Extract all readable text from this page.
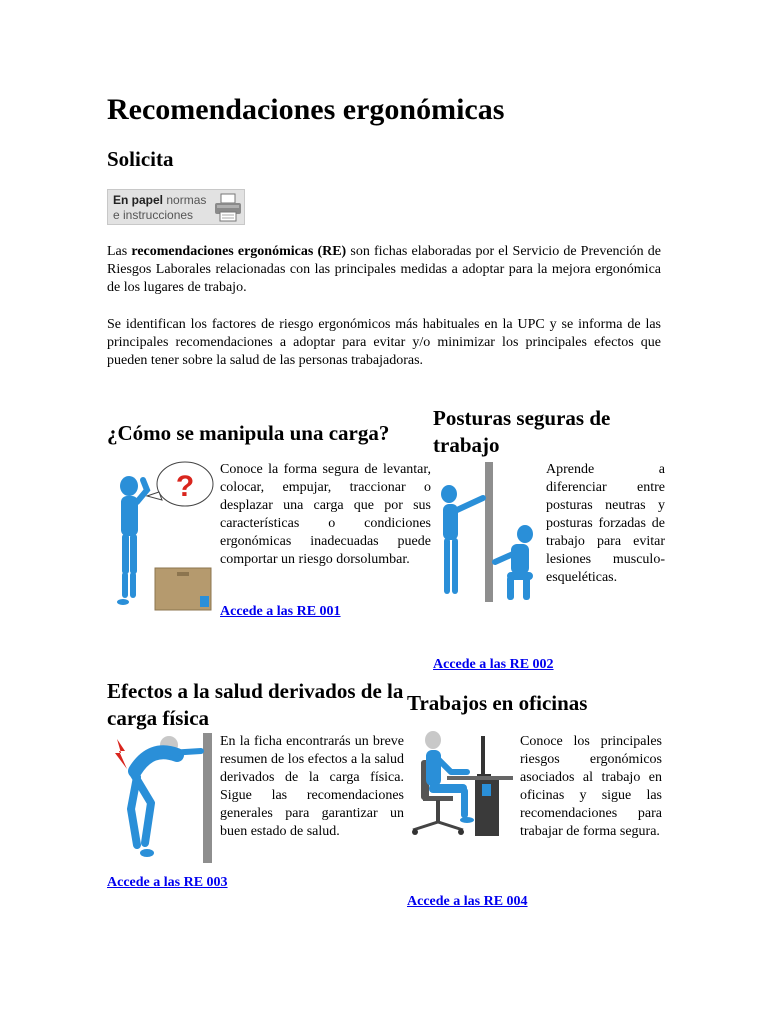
Recomendaciones ergonómicas
Solicita
En papel normas
e instrucciones

Las recomendaciones ergonómicas (RE) son fichas elaboradas por el Servicio de Prevención de Riesgos Laborales relacionadas con las principales medidas a adoptar para la mejora ergonómica de los lugares de trabajo.

Se identifican los factores de riesgo ergonómicos más habituales en la UPC y se informa de las principales recomendaciones a adoptar para evitar y/o minimizar los principales efectos que pueden tener sobre la salud de las personas trabajadoras.

¿Cómo se manipula una carga?
?

Conoce la forma segura de levantar, colocar, empujar, traccionar o desplazar una carga que por sus características o condiciones ergonómicas inadecuadas puede comportar un riesgo dorsolumbar.

Accede a las RE 001
Posturas seguras de trabajo

Aprende a diferenciar entre posturas neutras y posturas forzadas de trabajo para evitar lesiones musculo-esqueléticas.

Accede a las RE 002
Efectos a la salud derivados de la carga física

En la ficha encontrarás un breve resumen de los efectos a la salud derivados de la carga física. Sigue las recomendaciones generales para garantizar un buen estado de salud.

Accede a las RE 003
Trabajos en oficinas

Conoce los principales riesgos ergonómicos asociados al trabajo en oficinas y sigue las recomendaciones para trabajar de forma segura.

Accede a las RE 004
